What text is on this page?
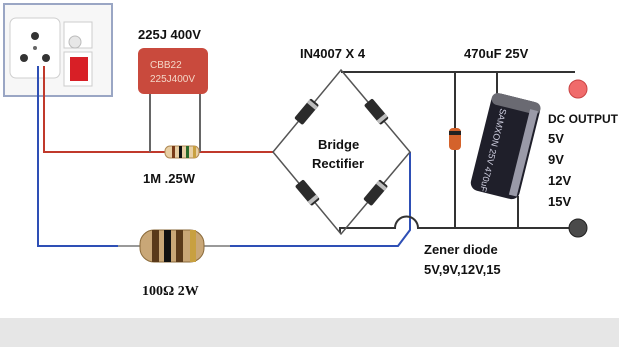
CBB22
225J400V
SAMXON 25V 470uF
225J 400V
IN4007 X 4	470uF 25V
DC OUTPUT
5V
9V
12V
15V
Bridge
Rectifier
1M .25W
Zener diode
5V,9V,12V,15
100Ω 2W
